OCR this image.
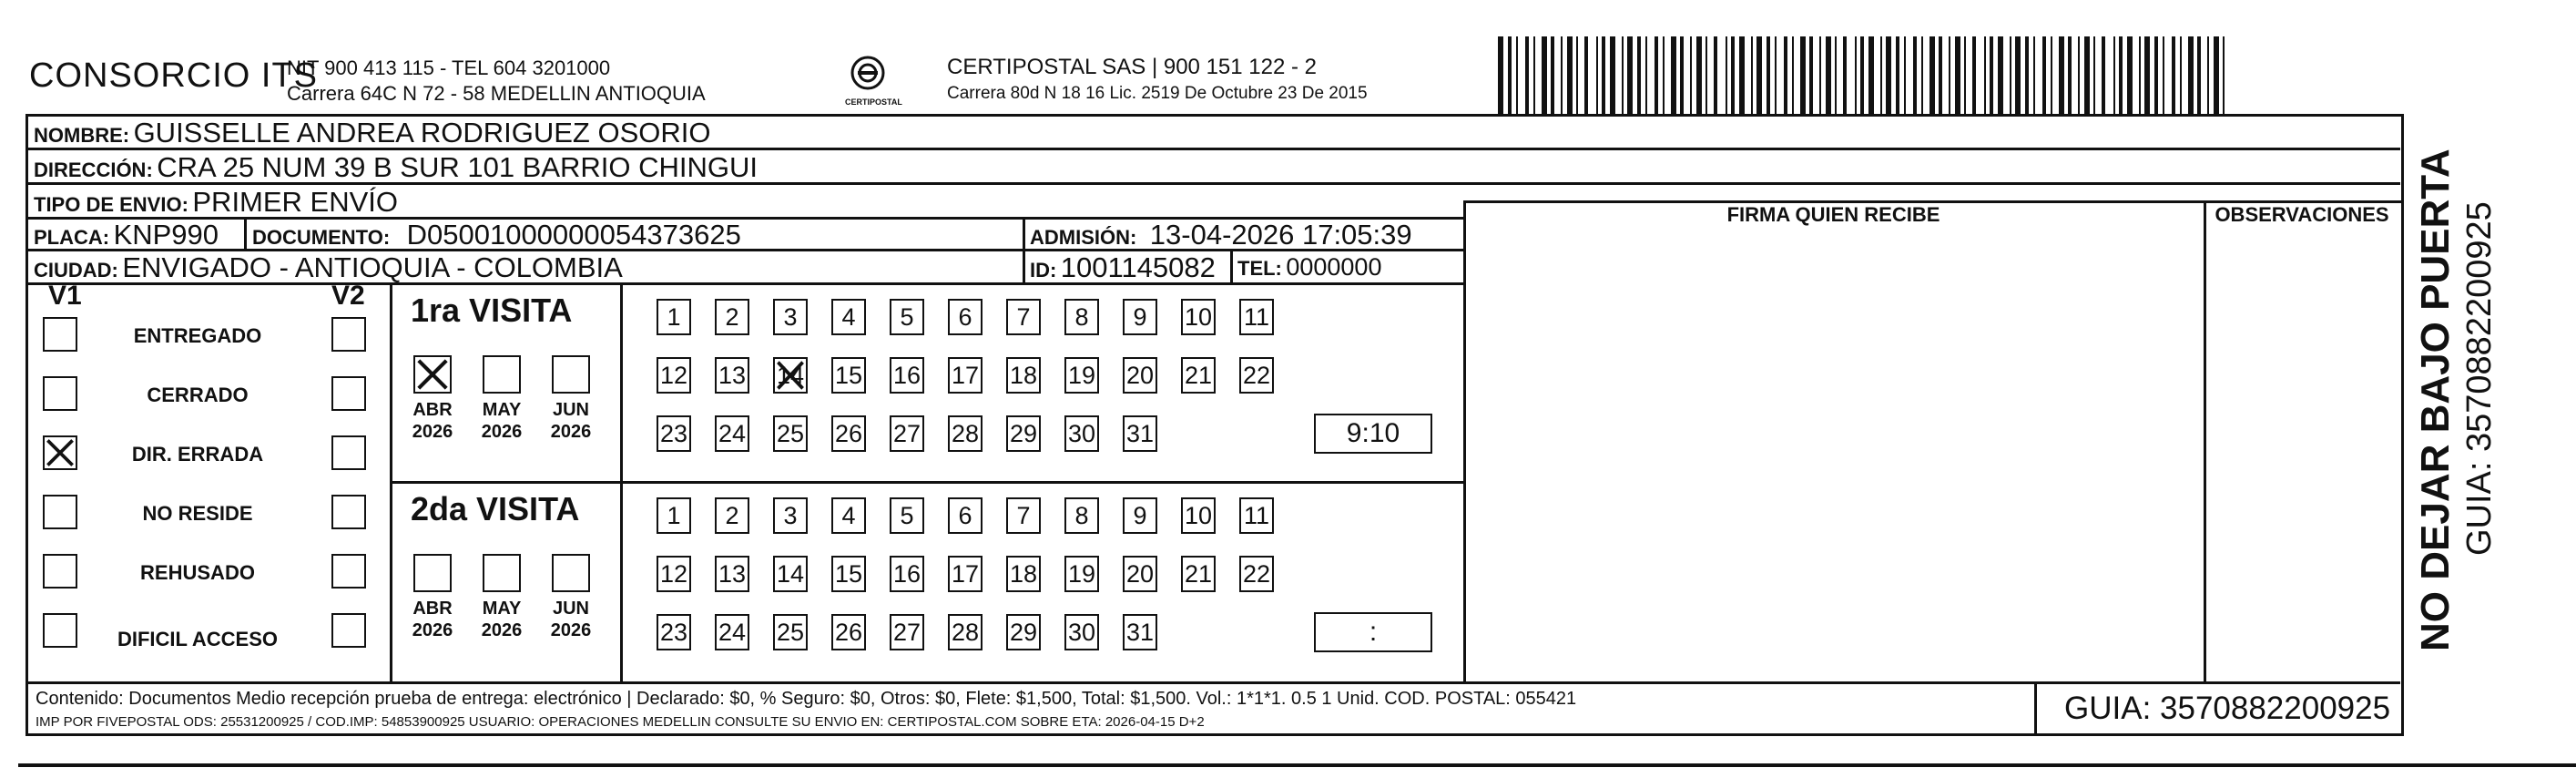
CONSORCIO ITS
NIT 900 413 115 - TEL 604 3201000
Carrera 64C N 72 - 58 MEDELLIN ANTIOQUIA	CERTIPOSTAL
CERTIPOSTAL SAS | 900 151 122 - 2
Carrera 80d N 18 16 Lic. 2519 De Octubre 23 De 2015
NOMBRE: GUISSELLE ANDREA RODRIGUEZ OSORIO
DIRECCIÓN: CRA 25 NUM 39 B SUR 101 BARRIO CHINGUI
TIPO DE ENVIO: PRIMER ENVÍO
PLACA: KNP990 DOCUMENTO: D05001000000054373625	ADMISIÓN: 13-04-2026 17:05:39
CIUDAD: ENVIGADO - ANTIOQUIA - COLOMBIA	ID: 1001145082 TEL: 0000000
FIRMA QUIEN RECIBE	OBSERVACIONES
V1	V2
ENTREGADO
CERRADO
DIR. ERRADA
NO RESIDE
REHUSADO
DIFICIL ACCESO
1ra VISITA
ABR
2026
MAY
2026
JUN
2026
1	2	3	4	5	6	7	8	9	10 11
12 13 14 15 16 17 18 19 20 21 22
23 24 25 26 27 28 29 30 31	9:10
2da VISITA
ABR
2026
MAY
2026
JUN
2026
1	2	3	4	5	6	7	8	9	10 11
12 13 14 15 16 17 18 19 20 21 22
23 24 25 26 27 28 29 30 31	:
Contenido: Documentos Medio recepción prueba de entrega: electrónico | Declarado: $0, % Seguro: $0, Otros: $0, Flete: $1,500, Total: $1,500. Vol.: 1*1*1. 0.5 1 Unid. COD. POSTAL: 055421
IMP POR FIVEPOSTAL ODS: 25531200925 / COD.IMP: 54853900925 USUARIO: OPERACIONES MEDELLIN CONSULTE SU ENVIO EN: CERTIPOSTAL.COM SOBRE ETA: 2026-04-15 D+2	GUIA: 3570882200925
NO DEJAR BAJO PUERTA GUIA: 3570882200925
